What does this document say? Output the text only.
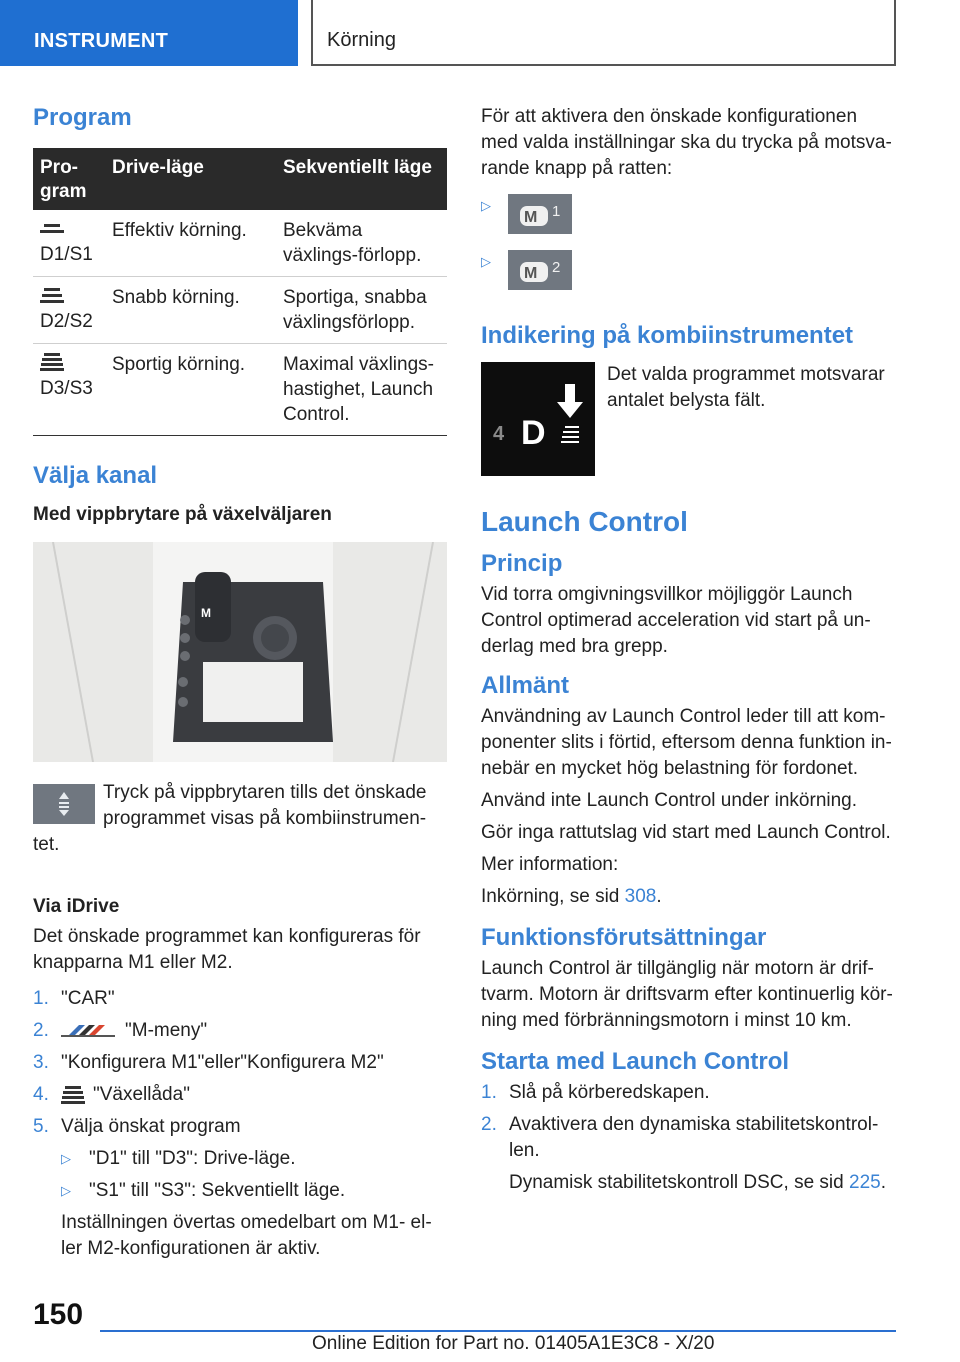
INSTRUMENT	Körning
Program
Pro-gram	Drive-läge	Sekventiellt läge

D1/S1	Effektiv körning.	Bekväma växlings-förlopp.

D2/S2	Snabb körning.	Sportiga, snabba växlingsförlopp.

D3/S3	Sportig körning.	Maximal växlings-hastighet, Launch Control.
Välja kanal
Med vippbrytare på växelväljaren
M

Tryck på vippbrytaren tills det önskade programmet visas på kombiinstrumen-tet.

Via iDrive

Det önskade programmet kan konfigureras för knapparna M1 eller M2.

1. "CAR"
2.	"M-meny"
3. "Konfigurera M1"eller"Konfigurera M2"
4. "Växellåda"
5. Välja önskat program
▷ "D1" till "D3": Drive-läge.
▷ "S1" till "S3": Sekventiellt läge.

Inställningen övertas omedelbart om M1- el-ler M2-konfigurationen är aktiv.

För att aktivera den önskade konfigurationen med valda inställningar ska du trycka på motsva-rande knapp på ratten:

▷
M 1
▷
M 2
Indikering på kombiinstrumentet
4 D

Det valda programmet motsvarar antalet belysta fält.

Launch Control
Princip

Vid torra omgivningsvillkor möjliggör Launch Control optimerad acceleration vid start på un-derlag med bra grepp.

Allmänt

Användning av Launch Control leder till att kom-ponenter slits i förtid, eftersom denna funktion in-nebär en mycket hög belastning för fordonet.

Använd inte Launch Control under inkörning.

Gör inga rattutslag vid start med Launch Control.

Mer information:

Inkörning, se sid 308.

Funktionsförutsättningar

Launch Control är tillgänglig när motorn är drif-tvarm. Motorn är driftsvarm efter kontinuerlig kör-ning med förbränningsmotorn i minst 10 km.

Starta med Launch Control
1. Slå på körberedskapen.
2. Avaktivera den dynamiska stabilitetskontrol-len.

Dynamisk stabilitetskontroll DSC, se sid 225.

150
Online Edition for Part no. 01405A1E3C8 - X/20
